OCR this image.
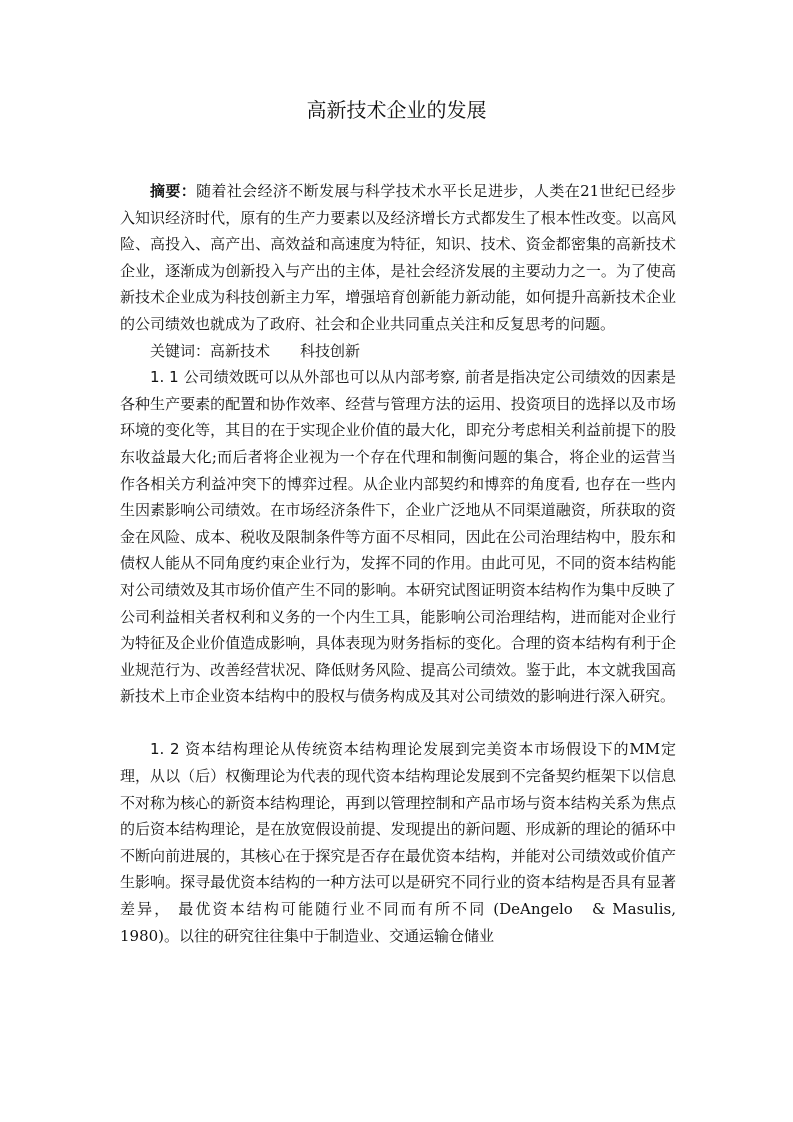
高新技术企业的发展

摘要：随着社会经济不断发展与科学技术水平长足进步，人类在21世纪已经步入知识经济时代，原有的生产力要素以及经济增长方式都发生了根本性改变。以高风险、高投入、高产出、高效益和高速度为特征，知识、技术、资金都密集的高新技术企业，逐渐成为创新投入与产出的主体，是社会经济发展的主要动力之一。为了使高新技术企业成为科技创新主力军，增强培育创新能力新动能，如何提升高新技术企业的公司绩效也就成为了政府、社会和企业共同重点关注和反复思考的问题。

关键词：高新技术 科技创新

1. 1 公司绩效既可以从外部也可以从内部考察, 前者是指决定公司绩效的因素是各种生产要素的配置和协作效率、经营与管理方法的运用、投资项目的选择以及市场环境的变化等，其目的在于实现企业价值的最大化，即充分考虑相关利益前提下的股东收益最大化;而后者将企业视为一个存在代理和制衡问题的集合，将企业的运营当作各相关方利益冲突下的博弈过程。从企业内部契约和博弈的角度看, 也存在一些内生因素影响公司绩效。在市场经济条件下，企业广泛地从不同渠道融资，所获取的资金在风险、成本、税收及限制条件等方面不尽相同，因此在公司治理结构中，股东和债权人能从不同角度约束企业行为，发挥不同的作用。由此可见，不同的资本结构能对公司绩效及其市场价值产生不同的影响。本研究试图证明资本结构作为集中反映了公司利益相关者权利和义务的一个内生工具，能影响公司治理结构，进而能对企业行为特征及企业价值造成影响，具体表现为财务指标的变化。合理的资本结构有利于企业规范行为、改善经营状况、降低财务风险、提高公司绩效。鉴于此，本文就我国高新技术上市企业资本结构中的股权与债务构成及其对公司绩效的影响进行深入研究。

1. 2 资本结构理论从传统资本结构理论发展到完美资本市场假设下的MM定理，从以（后）权衡理论为代表的现代资本结构理论发展到不完备契约框架下以信息不对称为核心的新资本结构理论，再到以管理控制和产品市场与资本结构关系为焦点的后资本结构理论，是在放宽假设前提、发现提出的新问题、形成新的理论的循环中不断向前进展的，其核心在于探究是否存在最优资本结构，并能对公司绩效或价值产生影响。探寻最优资本结构的一种方法可以是研究不同行业的资本结构是否具有显著差异， 最优资本结构可能随行业不同而有所不同 (DeAngelo　& Masulis, 1980)。以往的研究往往集中于制造业、交通运输仓储业
